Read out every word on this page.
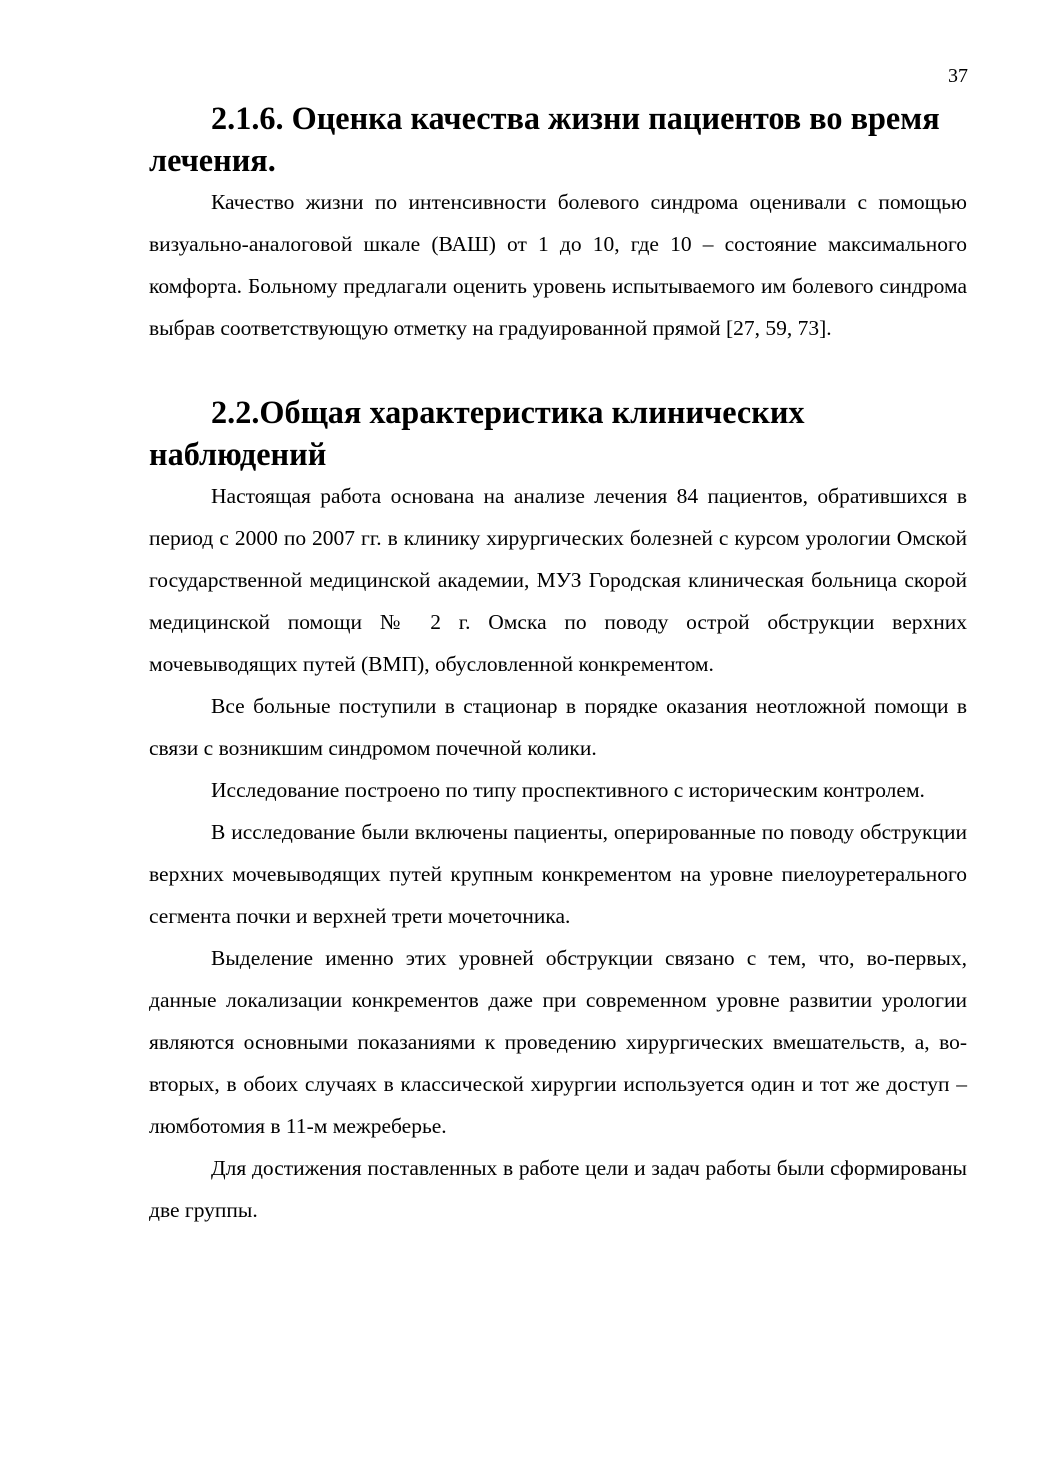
37
2.1.6. Оценка качества жизни пациентов во время лечения.

Качество жизни по интенсивности болевого синдрома оценивали с помощью визуально-аналоговой шкале (ВАШ) от 1 до 10, где 10 – состояние максимального комфорта. Больному предлагали оценить уровень испытываемого им болевого синдрома выбрав соответствующую отметку на градуированной прямой [27, 59, 73].

2.2.Общая характеристика клинических наблюдений

Настоящая работа основана на анализе лечения 84 пациентов, обратившихся в период с 2000 по 2007 гг. в клинику хирургических болезней с курсом урологии Омской государственной медицинской академии, МУЗ Городская клиническая больница скорой медицинской помощи № 2 г. Омска по поводу острой обструкции верхних мочевыводящих путей (ВМП), обусловленной конкрементом.

Все больные поступили в стационар в порядке оказания неотложной помощи в связи с возникшим синдромом почечной колики.

Исследование построено по типу проспективного с историческим контролем.

В исследование были включены пациенты, оперированные по поводу обструкции верхних мочевыводящих путей крупным конкрементом на уровне пиелоуретерального сегмента почки и верхней трети мочеточника.

Выделение именно этих уровней обструкции связано с тем, что, во-первых, данные локализации конкрементов даже при современном уровне развитии урологии являются основными показаниями к проведению хирургических вмешательств, а, во-вторых, в обоих случаях в классической хирургии используется один и тот же доступ – люмботомия в 11-м межреберье.

Для достижения поставленных в работе цели и задач работы были сформированы две группы.
